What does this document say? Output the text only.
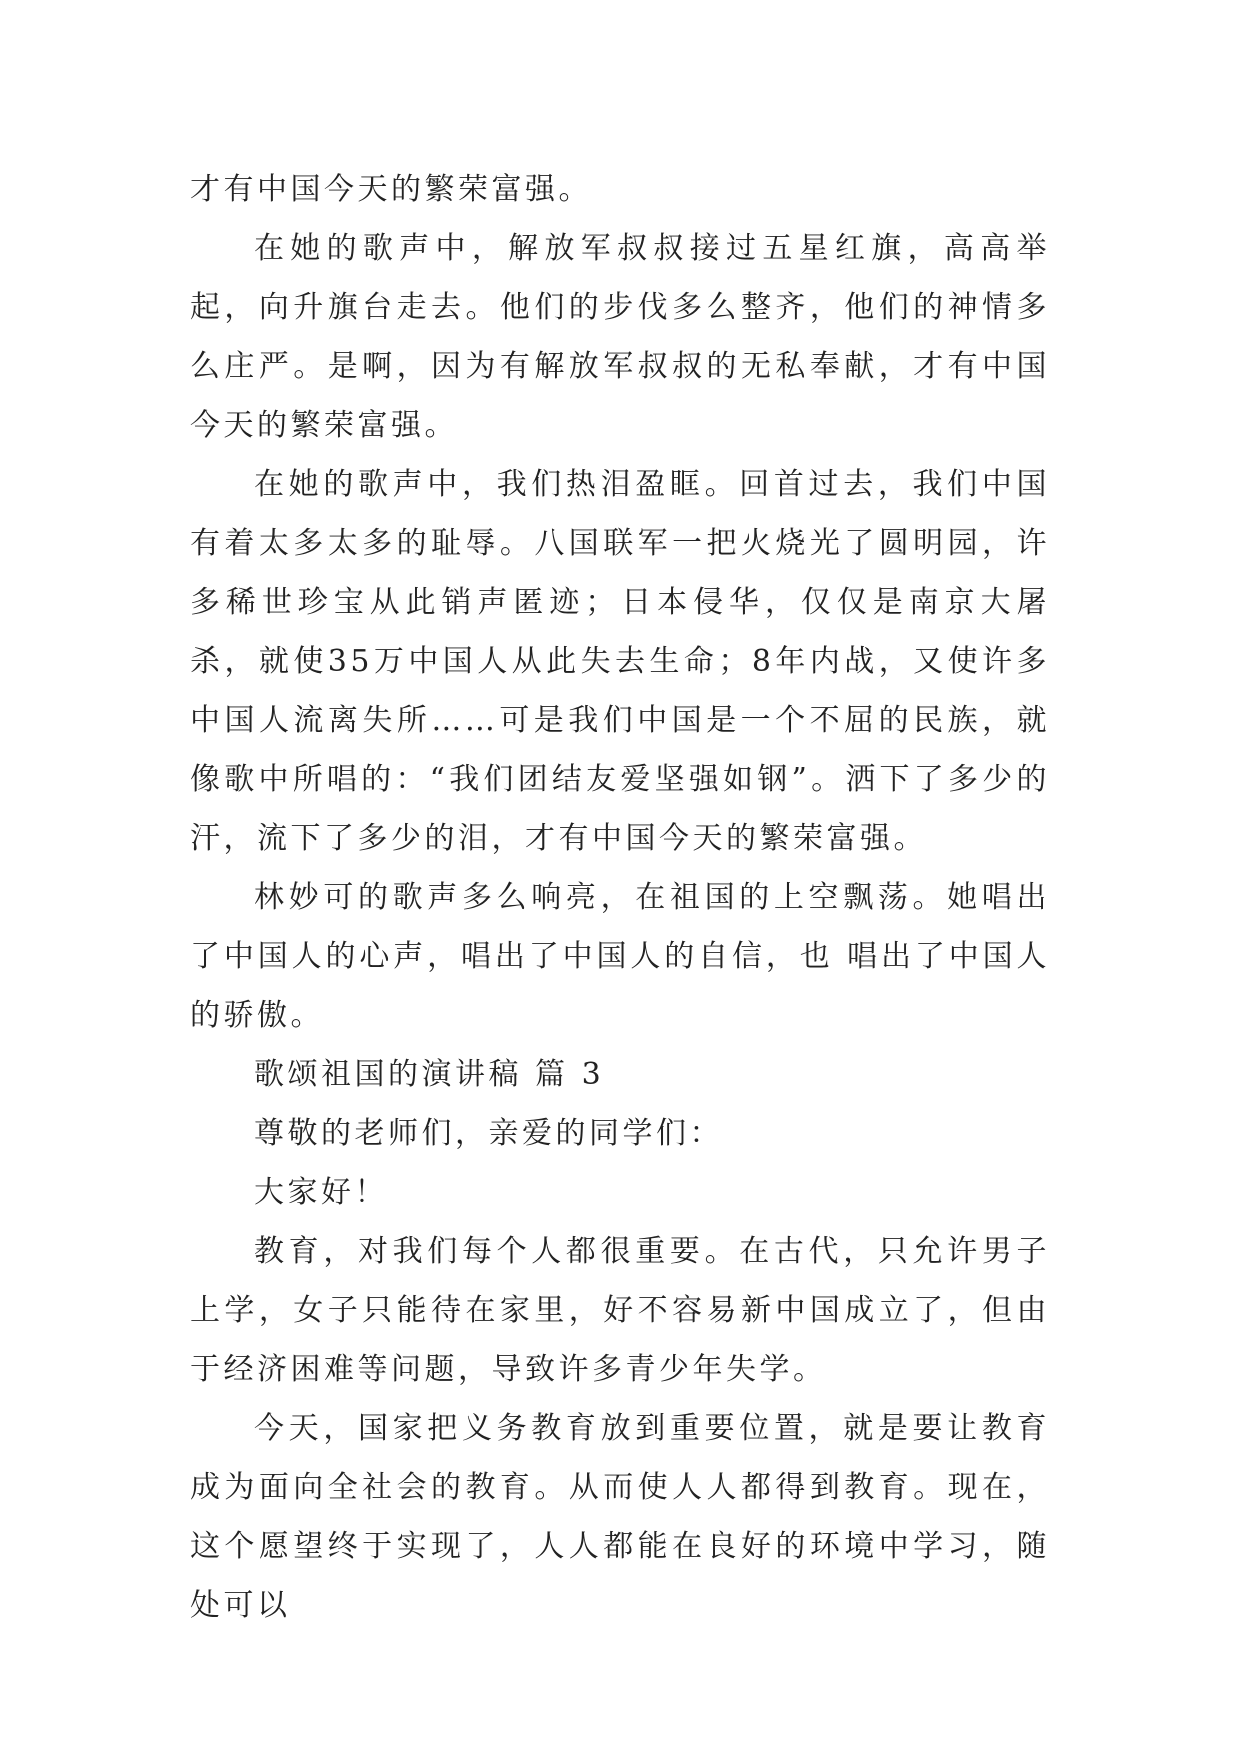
才有中国今天的繁荣富强。

在她的歌声中，解放军叔叔接过五星红旗，高高举起，向升旗台走去。他们的步伐多么整齐，他们的神情多么庄严。是啊，因为有解放军叔叔的无私奉献，才有中国今天的繁荣富强。

在她的歌声中，我们热泪盈眶。回首过去，我们中国有着太多太多的耻辱。八国联军一把火烧光了圆明园，许多稀世珍宝从此销声匿迹；日本侵华，仅仅是南京大屠杀，就使35万中国人从此失去生命；8年内战，又使许多中国人流离失所……可是我们中国是一个不屈的民族，就像歌中所唱的：“我们团结友爱坚强如钢”。洒下了多少的汗，流下了多少的泪，才有中国今天的繁荣富强。

林妙可的歌声多么响亮，在祖国的上空飘荡。她唱出了中国人的心声，唱出了中国人的自信，也 唱出了中国人的骄傲。

歌颂祖国的演讲稿 篇 3

尊敬的老师们，亲爱的同学们：

大家好！

教育，对我们每个人都很重要。在古代，只允许男子上学，女子只能待在家里，好不容易新中国成立了，但由于经济困难等问题，导致许多青少年失学。

今天，国家把义务教育放到重要位置，就是要让教育成为面向全社会的教育。从而使人人都得到教育。现在，这个愿望终于实现了，人人都能在良好的环境中学习，随处可以
